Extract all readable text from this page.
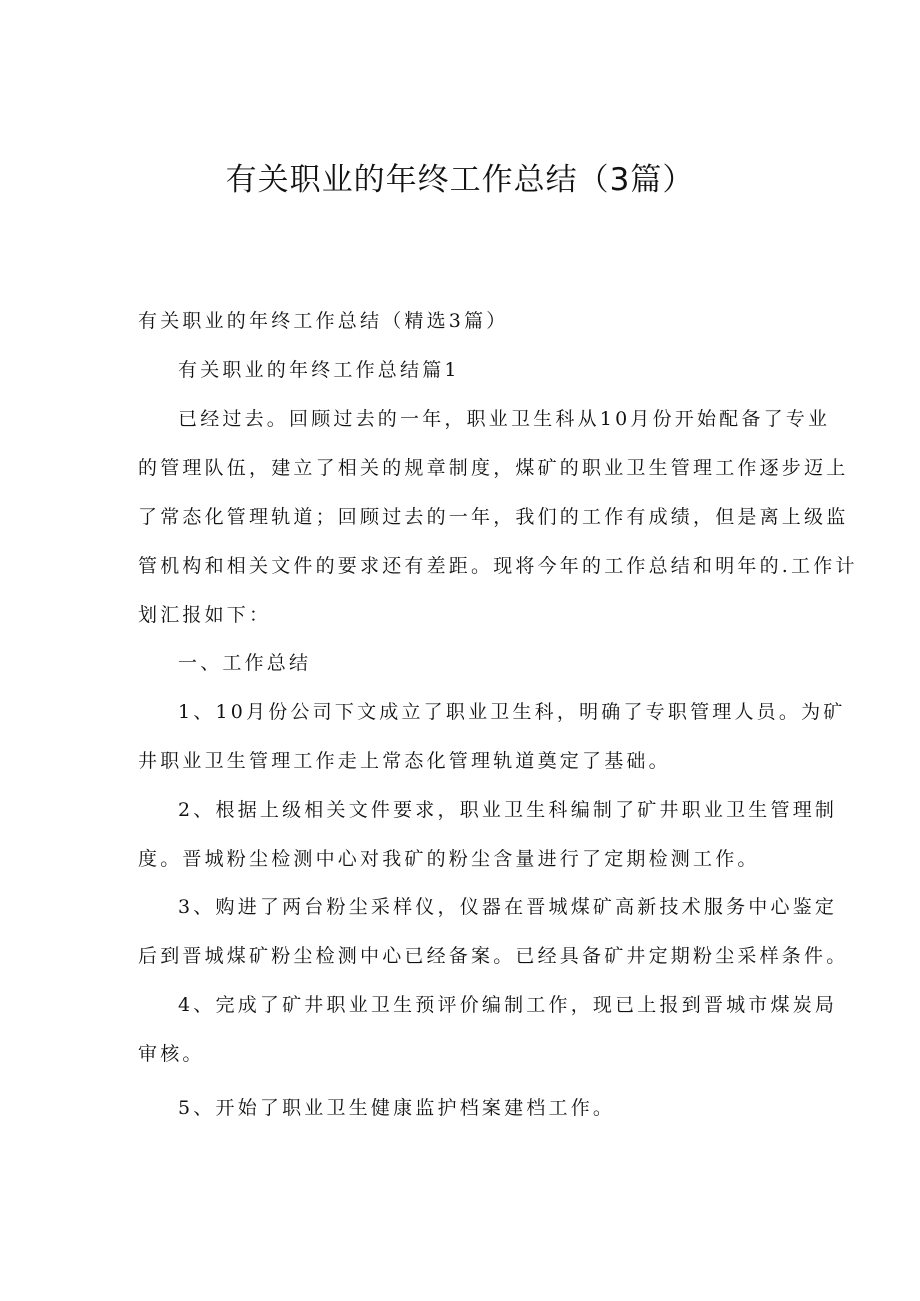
有关职业的年终工作总结（3篇）
有关职业的年终工作总结（精选3篇）
有关职业的年终工作总结篇1
已经过去。回顾过去的一年，职业卫生科从10月份开始配备了专业
的管理队伍，建立了相关的规章制度，煤矿的职业卫生管理工作逐步迈上
了常态化管理轨道；回顾过去的一年，我们的工作有成绩，但是离上级监
管机构和相关文件的要求还有差距。现将今年的工作总结和明年的.工作计
划汇报如下：
一、工作总结
1、10月份公司下文成立了职业卫生科，明确了专职管理人员。为矿
井职业卫生管理工作走上常态化管理轨道奠定了基础。
2、根据上级相关文件要求，职业卫生科编制了矿井职业卫生管理制
度。晋城粉尘检测中心对我矿的粉尘含量进行了定期检测工作。
3、购进了两台粉尘采样仪，仪器在晋城煤矿高新技术服务中心鉴定
后到晋城煤矿粉尘检测中心已经备案。已经具备矿井定期粉尘采样条件。
4、完成了矿井职业卫生预评价编制工作，现已上报到晋城市煤炭局
审核。
5、开始了职业卫生健康监护档案建档工作。
